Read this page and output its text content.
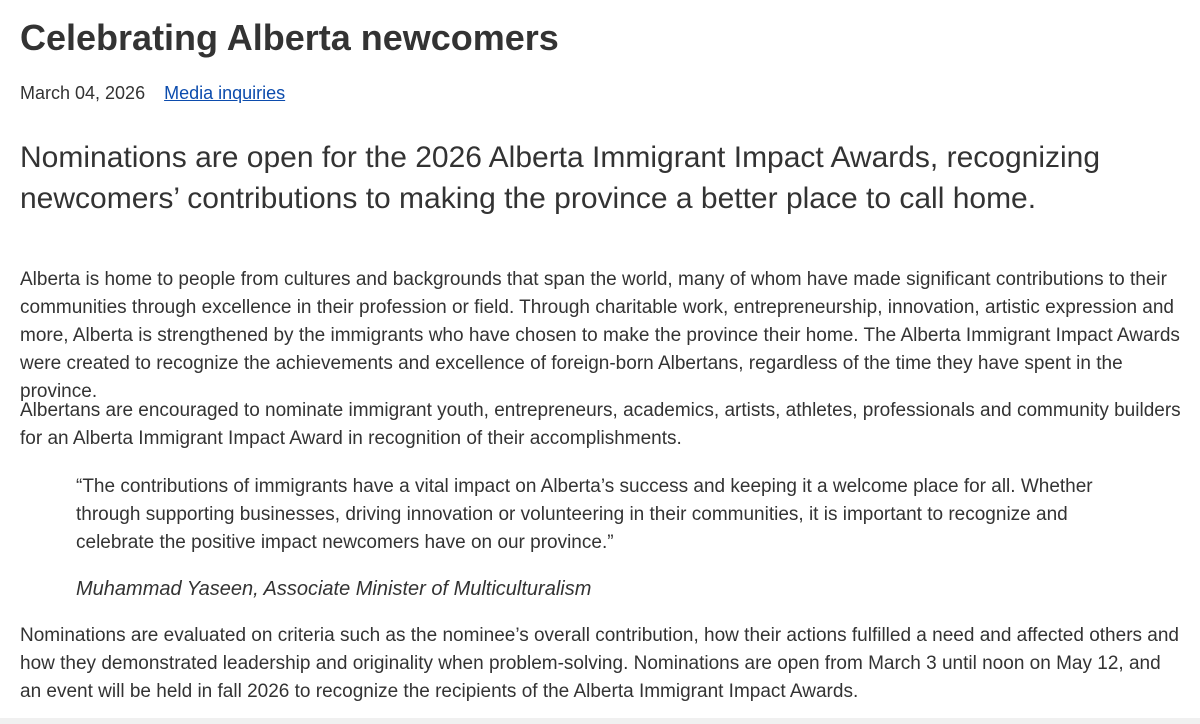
Celebrating Alberta newcomers
March 04, 2026 Media inquiries

Nominations are open for the 2026 Alberta Immigrant Impact Awards, recognizing newcomers’ contributions to making the province a better place to call home.

Alberta is home to people from cultures and backgrounds that span the world, many of whom have made significant contributions to their communities through excellence in their profession or field. Through charitable work, entrepreneurship, innovation, artistic expression and more, Alberta is strengthened by the immigrants who have chosen to make the province their home. The Alberta Immigrant Impact Awards were created to recognize the achievements and excellence of foreign-born Albertans, regardless of the time they have spent in the province.

Albertans are encouraged to nominate immigrant youth, entrepreneurs, academics, artists, athletes, professionals and community builders for an Alberta Immigrant Impact Award in recognition of their accomplishments.

“The contributions of immigrants have a vital impact on Alberta’s success and keeping it a welcome place for all. Whether through supporting businesses, driving innovation or volunteering in their communities, it is important to recognize and celebrate the positive impact newcomers have on our province.”

Muhammad Yaseen, Associate Minister of Multiculturalism

Nominations are evaluated on criteria such as the nominee’s overall contribution, how their actions fulfilled a need and affected others and how they demonstrated leadership and originality when problem-solving. Nominations are open from March 3 until noon on May 12, and an event will be held in fall 2026 to recognize the recipients of the Alberta Immigrant Impact Awards.
